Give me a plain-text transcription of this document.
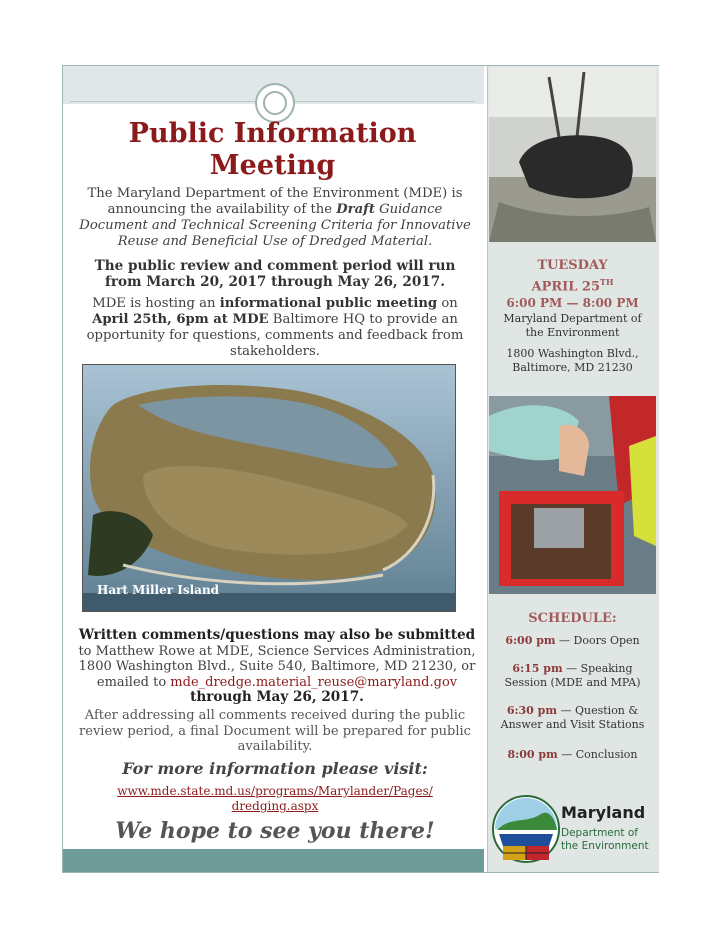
Public Information
Meeting
The Maryland Department of the Environment (MDE) is announcing the availability of the Draft Guidance Document and Technical Screening Criteria for Innovative Reuse and Beneficial Use of Dredged Material.
The public review and comment period will run from March 20, 2017 through May 26, 2017.
MDE is hosting an informational public meeting on April 25th, 6pm at MDE Baltimore HQ to provide an opportunity for questions, comments and feedback from stakeholders.
Hart Miller Island
Written comments/questions may also be submitted to Matthew Rowe at MDE, Science Services Administration, 1800 Washington Blvd., Suite 540, Baltimore, MD 21230, or emailed to mde_dredge.material_reuse@maryland.gov
through May 26, 2017.
After addressing all comments received during the public review period, a final Document will be prepared for public availability.
For more information please visit:
www.mde.state.md.us/programs/Marylander/Pages/
dredging.aspx
We hope to see you there!
TUESDAY
APRIL 25TH
6:00 PM — 8:00 PM
Maryland Department of
the Environment
1800 Washington Blvd.,
Baltimore, MD 21230
SCHEDULE:
6:00 pm — Doors Open
6:15 pm — Speaking Session (MDE and MPA)
6:30 pm — Question & Answer and Visit Stations
8:00 pm — Conclusion
Maryland
Department of
the Environment
